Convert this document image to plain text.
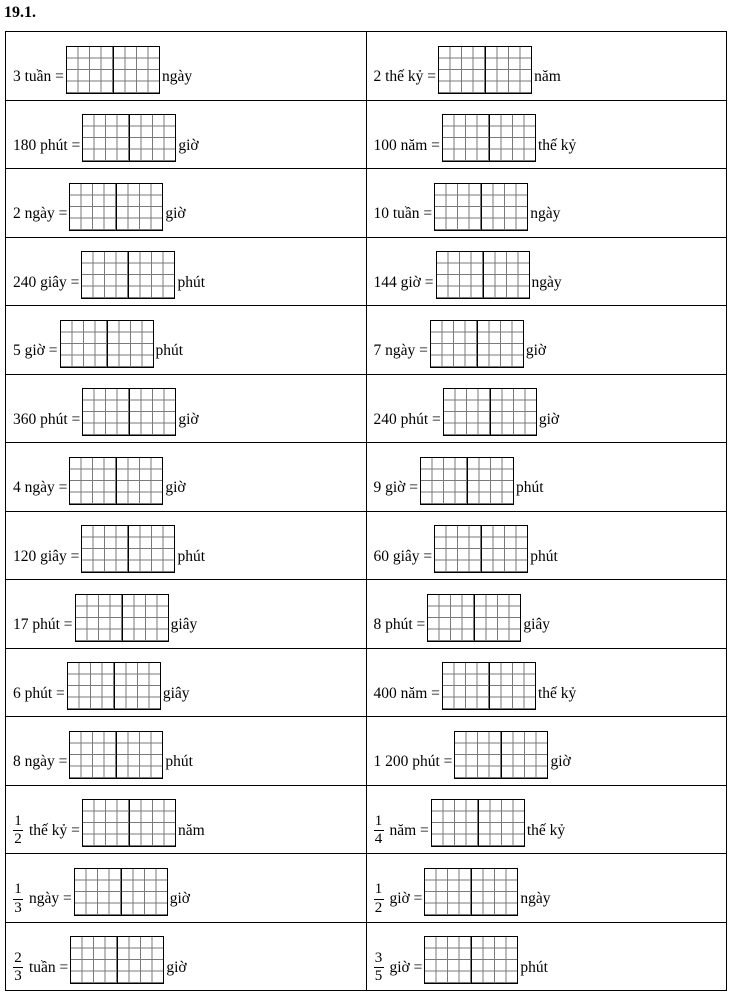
19.1.
3 tuần = ngày	2 thế kỷ = năm

180 phút = giờ	100 năm = thế kỷ

2 ngày = giờ	10 tuần = ngày

240 giây = phút	144 giờ = ngày

5 giờ = phút	7 ngày = giờ

360 phút = giờ	240 phút = giờ

4 ngày = giờ	9 giờ = phút

120 giây = phút	60 giây = phút

17 phút = giây	8 phút = giây

6 phút = giây	400 năm = thế kỷ

8 ngày = phút	1 200 phút = giờ

$\frac{1}{2}$ thế kỷ = năm	$\frac{1}{4}$ năm = thế kỷ

$\frac{1}{3}$ ngày = giờ	$\frac{1}{2}$ giờ = ngày

$\frac{2}{3}$ tuần = giờ	$\frac{3}{5}$ giờ = phút
